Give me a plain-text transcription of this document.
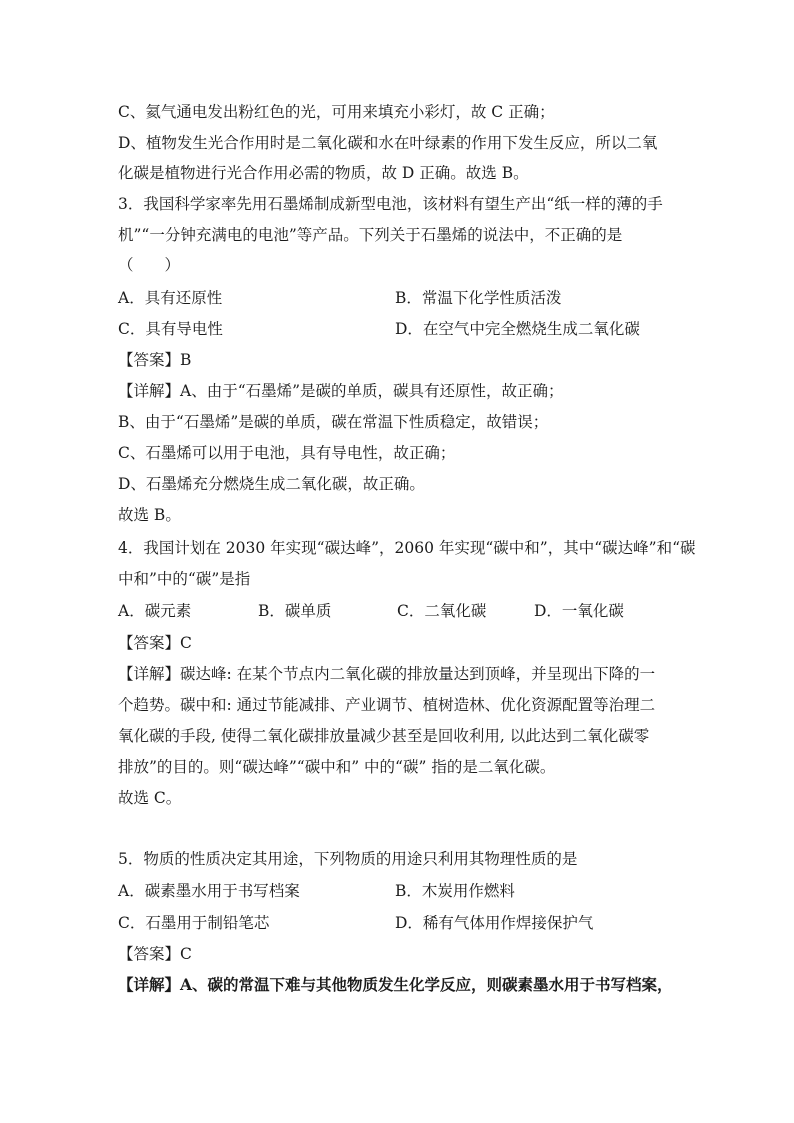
C、氦气通电发出粉红色的光，可用来填充小彩灯，故 C 正确；
D、植物发生光合作用时是二氧化碳和水在叶绿素的作用下发生反应，所以二氧
化碳是植物进行光合作用必需的物质，故 D 正确。故选 B。
3．我国科学家率先用石墨烯制成新型电池，该材料有望生产出“纸一样的薄的手
机”“一分钟充满电的电池”等产品。下列关于石墨烯的说法中，不正确的是
（　　）
A．具有还原性	B．常温下化学性质活泼
C．具有导电性	D．在空气中完全燃烧生成二氧化碳
【答案】B
【详解】A、由于“石墨烯”是碳的单质，碳具有还原性，故正确；
B、由于“石墨烯”是碳的单质，碳在常温下性质稳定，故错误；
C、石墨烯可以用于电池，具有导电性，故正确；
D、石墨烯充分燃烧生成二氧化碳，故正确。
故选 B。
4．我国计划在 2030 年实现“碳达峰”，2060 年实现“碳中和”，其中“碳达峰”和“碳
中和”中的“碳”是指
A．碳元素	B．碳单质	C．二氧化碳	D．一氧化碳
【答案】C
【详解】碳达峰: 在某个节点内二氧化碳的排放量达到顶峰，并呈现出下降的一
个趋势。碳中和: 通过节能减排、产业调节、植树造林、优化资源配置等治理二
氧化碳的手段, 使得二氧化碳排放量减少甚至是回收利用, 以此达到二氧化碳零
排放”的目的。则“碳达峰”“碳中和” 中的“碳” 指的是二氧化碳。
故选 C。
5．物质的性质决定其用途，下列物质的用途只利用其物理性质的是
A．碳素墨水用于书写档案	B．木炭用作燃料
C．石墨用于制铅笔芯	D．稀有气体用作焊接保护气
【答案】C
【详解】A、碳的常温下难与其他物质发生化学反应，则碳素墨水用于书写档案，
